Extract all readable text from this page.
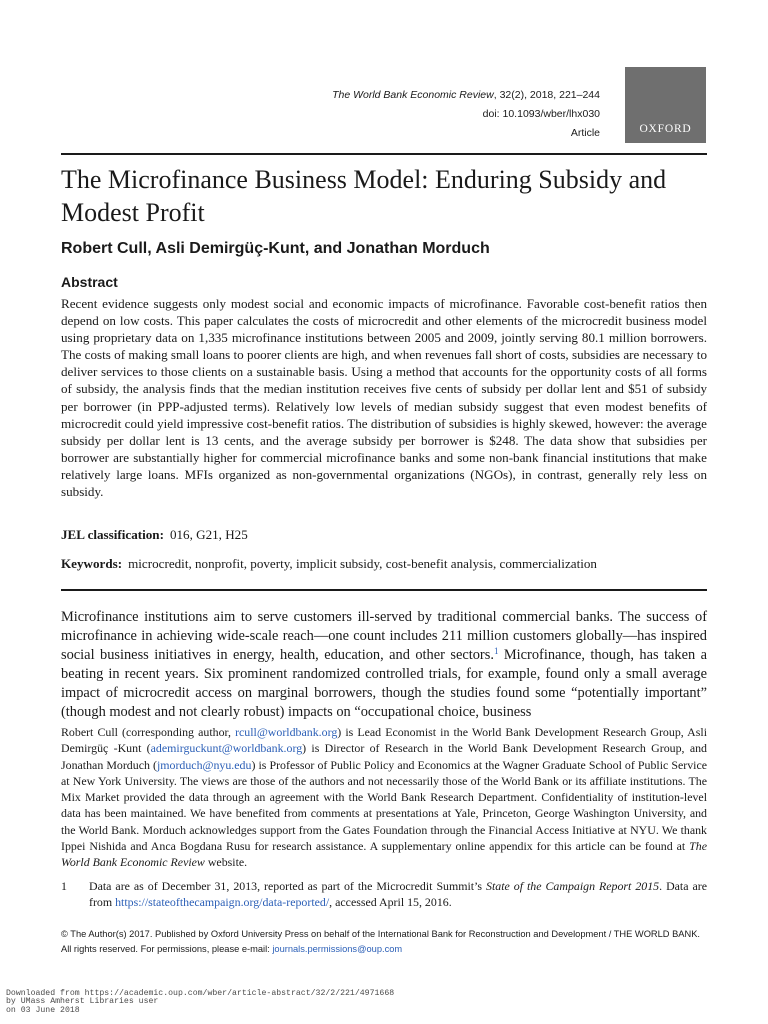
The World Bank Economic Review, 32(2), 2018, 221–244
doi: 10.1093/wber/lhx030
Article	OXFORD
The Microfinance Business Model: Enduring Subsidy and Modest Profit
Robert Cull, Asli Demirgüç-Kunt, and Jonathan Morduch
Abstract
Recent evidence suggests only modest social and economic impacts of microfinance. Favorable cost-benefit ratios then depend on low costs. This paper calculates the costs of microcredit and other elements of the microcredit business model using proprietary data on 1,335 microfinance institutions between 2005 and 2009, jointly serving 80.1 million borrowers. The costs of making small loans to poorer clients are high, and when revenues fall short of costs, subsidies are necessary to deliver services to those clients on a sustainable basis. Using a method that accounts for the opportunity costs of all forms of subsidy, the analysis finds that the median institution receives five cents of subsidy per dollar lent and $51 of subsidy per borrower (in PPP-adjusted terms). Relatively low levels of median subsidy suggest that even modest benefits of microcredit could yield impressive cost-benefit ratios. The distribution of subsidies is highly skewed, however: the average subsidy per dollar lent is 13 cents, and the average subsidy per borrower is $248. The data show that subsidies per borrower are substantially higher for commercial microfinance banks and some non-bank financial institutions that make relatively large loans. MFIs organized as non-governmental organizations (NGOs), in contrast, generally rely less on subsidy.
JEL classification: 016, G21, H25
Keywords: microcredit, nonprofit, poverty, implicit subsidy, cost-benefit analysis, commercialization
Microfinance institutions aim to serve customers ill-served by traditional commercial banks. The success of microfinance in achieving wide-scale reach—one count includes 211 million customers globally—has inspired social business initiatives in energy, health, education, and other sectors.$^1$ Microfinance, though, has taken a beating in recent years. Six prominent randomized controlled trials, for example, found only a small average impact of microcredit access on marginal borrowers, though the studies found some “potentially important” (though modest and not clearly robust) impacts on “occupational choice, business
Robert Cull (corresponding author, rcull@worldbank.org) is Lead Economist in the World Bank Development Research Group, Asli Demirgüç -Kunt (ademirguckunt@worldbank.org) is Director of Research in the World Bank Development Research Group, and Jonathan Morduch (jmorduch@nyu.edu) is Professor of Public Policy and Economics at the Wagner Graduate School of Public Service at New York University. The views are those of the authors and not necessarily those of the World Bank or its affiliate institutions. The Mix Market provided the data through an agreement with the World Bank Research Department. Confidentiality of institution-level data has been maintained. We have benefited from comments at presentations at Yale, Princeton, George Washington University, and the World Bank. Morduch acknowledges support from the Gates Foundation through the Financial Access Initiative at NYU. We thank Ippei Nishida and Anca Bogdana Rusu for research assistance. A supplementary online appendix for this article can be found at The World Bank Economic Review website.
1 Data are as of December 31, 2013, reported as part of the Microcredit Summit’s State of the Campaign Report 2015. Data are from https://stateofthecampaign.org/data-reported/, accessed April 15, 2016.
© The Author(s) 2017. Published by Oxford University Press on behalf of the International Bank for Reconstruction and Development / THE WORLD BANK.
All rights reserved. For permissions, please e-mail: journals.permissions@oup.com
Downloaded from https://academic.oup.com/wber/article-abstract/32/2/221/4971668
by UMass Amherst Libraries user
on 03 June 2018
